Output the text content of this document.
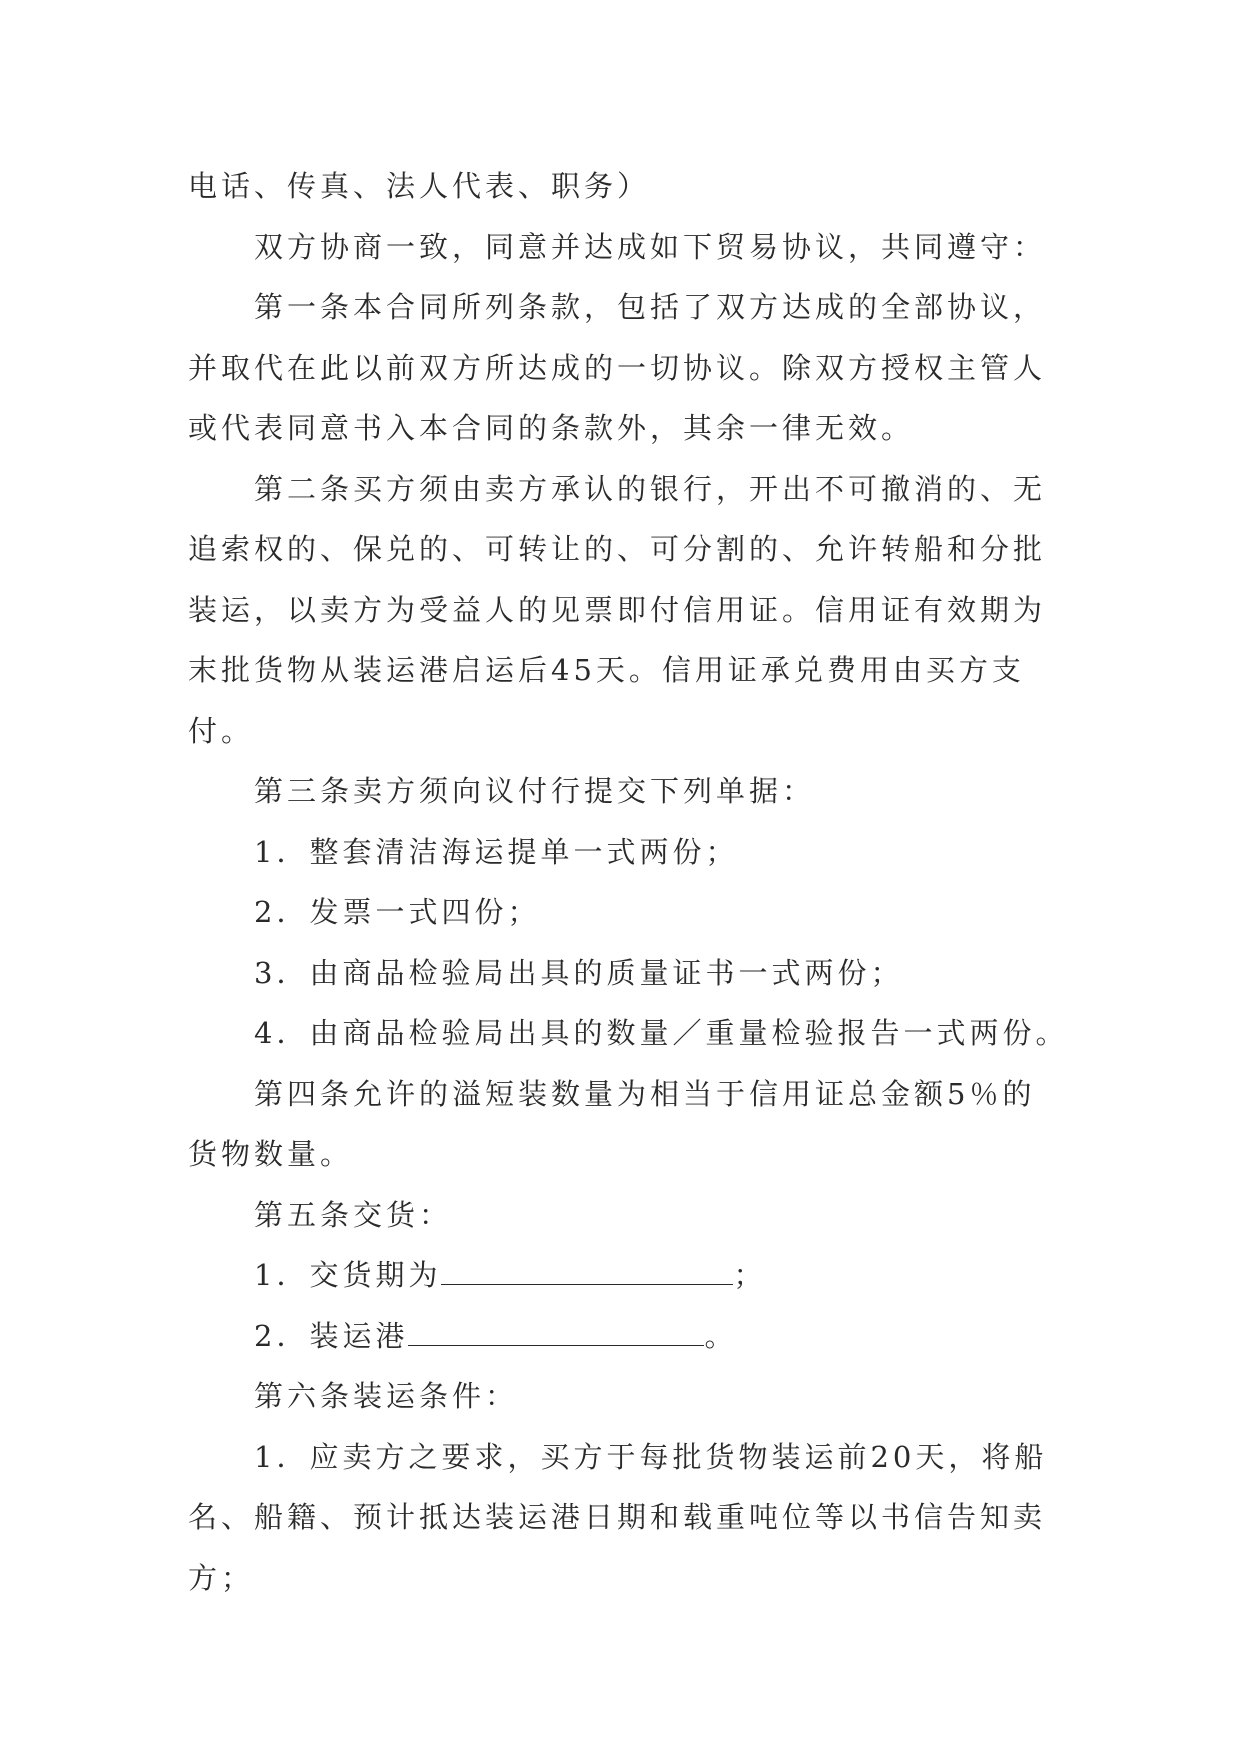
电话、传真、法人代表、职务）
双方协商一致，同意并达成如下贸易协议，共同遵守：
第一条本合同所列条款，包括了双方达成的全部协议，
并取代在此以前双方所达成的一切协议。除双方授权主管人
或代表同意书入本合同的条款外，其余一律无效。
第二条买方须由卖方承认的银行，开出不可撤消的、无
追索权的、保兑的、可转让的、可分割的、允许转船和分批
装运，以卖方为受益人的见票即付信用证。信用证有效期为
末批货物从装运港启运后45天。信用证承兑费用由买方支
付。
第三条卖方须向议付行提交下列单据：
1．整套清洁海运提单一式两份；
2．发票一式四份；
3．由商品检验局出具的质量证书一式两份；
4．由商品检验局出具的数量／重量检验报告一式两份。
第四条允许的溢短装数量为相当于信用证总金额5％的
货物数量。
第五条交货：
1．交货期为	；
2．装运港	。
第六条装运条件：
1．应卖方之要求，买方于每批货物装运前20天，将船
名、船籍、预计抵达装运港日期和载重吨位等以书信告知卖
方；
